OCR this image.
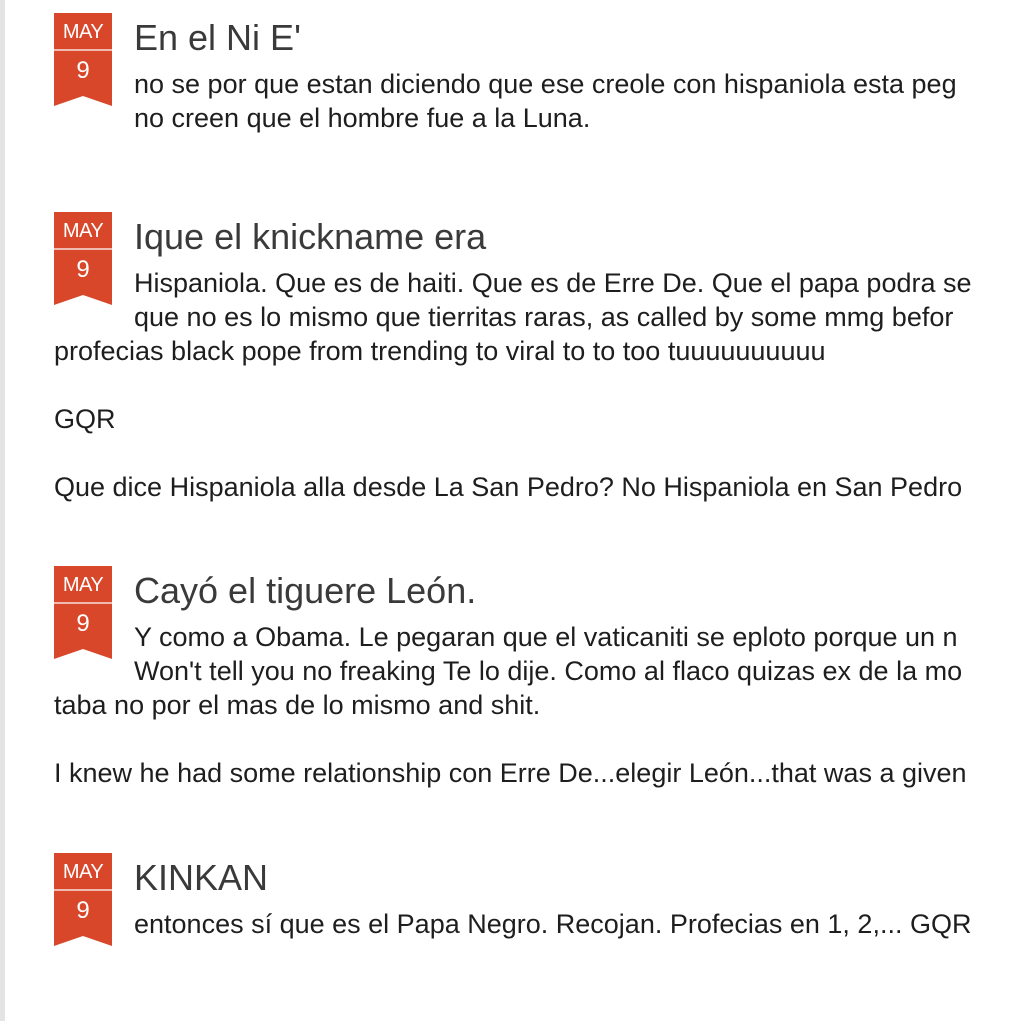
MAY
9
En el Ni E'
no se por que estan diciendo que ese creole con hispaniola esta peg
no creen que el hombre fue a la Luna.
MAY
9
Ique el knickname era
Hispaniola. Que es de haiti. Que es de Erre De. Que el papa podra se
que no es lo mismo que tierritas raras, as called by some mmg befor
profecias black pope from trending to viral to to too tuuuuuuuuuu
GQR
Que dice Hispaniola alla desde La San Pedro? No Hispaniola en San Pedro
MAY
9
Cayó el tiguere León.
Y como a Obama. Le pegaran que el vaticaniti se eploto porque un n
Won't tell you no freaking Te lo dije. Como al flaco quizas ex de la mo
taba no por el mas de lo mismo and shit.
I knew he had some relationship con Erre De...elegir León...that was a given
MAY
9
KINKAN
entonces sí que es el Papa Negro. Recojan. Profecias en 1, 2,... GQR
